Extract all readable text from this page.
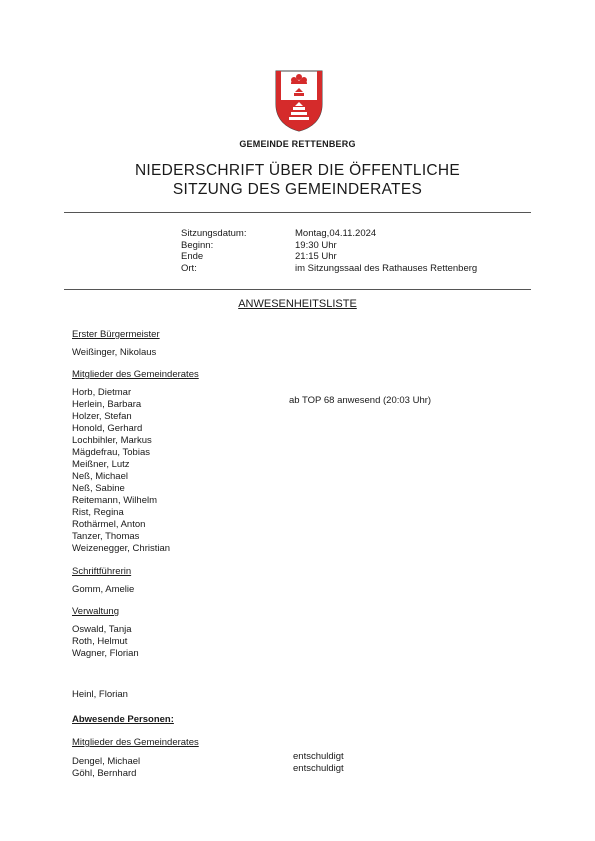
GEMEINDE RETTENBERG
NIEDERSCHRIFT ÜBER DIE ÖFFENTLICHE
SITZUNG DES GEMEINDERATES
Sitzungsdatum:
Beginn:
Ende
Ort:
Montag,04.11.2024
19:30 Uhr
21:15 Uhr
im Sitzungssaal des Rathauses Rettenberg
ANWESENHEITSLISTE
Erster Bürgermeister
Weißinger, Nikolaus
Mitglieder des Gemeinderates
Horb, Dietmar
Herlein, Barbara
Holzer, Stefan
Honold, Gerhard
Lochbihler, Markus
Mägdefrau, Tobias
Meißner, Lutz
Neß, Michael
Neß, Sabine
Reitemann, Wilhelm
Rist, Regina
Rothärmel, Anton
Tanzer, Thomas
Weizenegger, Christian
ab TOP 68 anwesend (20:03 Uhr)
Schriftführerin
Gomm, Amelie
Verwaltung
Oswald, Tanja
Roth, Helmut
Wagner, Florian
Heinl, Florian
Abwesende Personen:
Mitglieder des Gemeinderates
Dengel, Michael
Göhl, Bernhard
entschuldigt
entschuldigt
